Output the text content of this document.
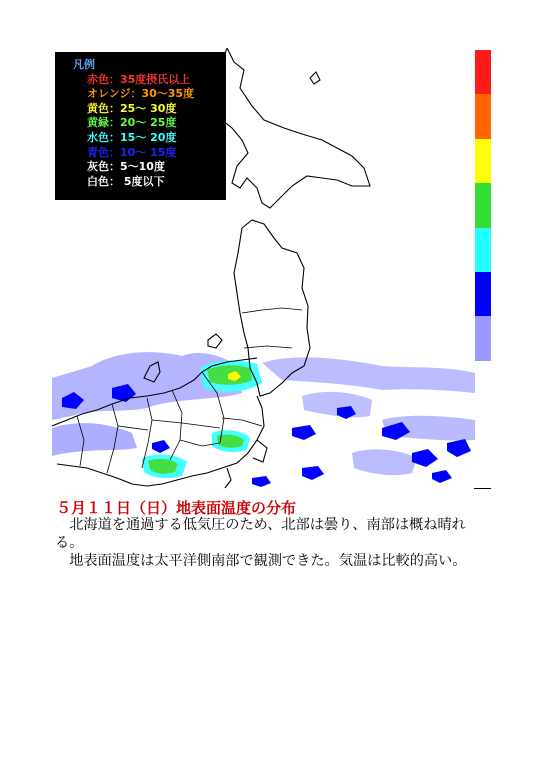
凡例
赤色：35度摂氏以上
オレンジ：30〜35度
黄色：25〜 30度
黄緑：20〜 25度
水色：15〜 20度
青色：10〜 15度
灰色：5〜10度
白色： 5度以下
５月１１日（日）地表面温度の分布

北海道を通過する低気圧のため、北部は曇り、南部は概ね晴れる。

地表面温度は太平洋側南部で観測できた。気温は比較的高い。
